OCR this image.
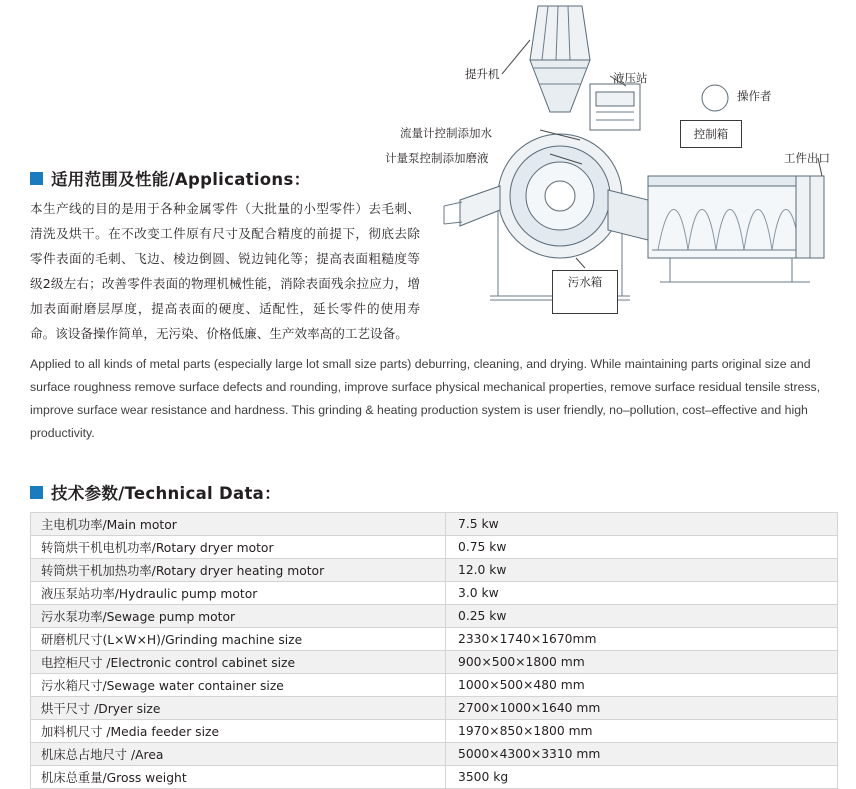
提升机	液压站
操作者
流量计控制添加水
计量泵控制添加磨液	工件出口
控制箱
污水箱
适用范围及性能/Applications：
本生产线的目的是用于各种金属零件（大批量的小型零件）去毛刺、清洗及烘干。在不改变工件原有尺寸及配合精度的前提下，彻底去除零件表面的毛刺、飞边、棱边倒圆、锐边钝化等；提高表面粗糙度等级2级左右；改善零件表面的物理机械性能，消除表面残余拉应力，增加表面耐磨层厚度，提高表面的硬度、适配性，延长零件的使用寿命。该设备操作简单，无污染、价格低廉、生产效率高的工艺设备。
Applied to all kinds of metal parts (especially large lot small size parts) deburring, cleaning, and drying. While maintaining parts original size and surface roughness remove surface defects and rounding, improve surface physical mechanical properties, remove surface residual tensile stress, improve surface wear resistance and hardness. This grinding & heating production system is user friendly, no–pollution, cost–effective and high productivity.
技术参数/Technical Data：
主电机功率/Main motor	7.5 kw
转筒烘干机电机功率/Rotary dryer motor	0.75 kw
转筒烘干机加热功率/Rotary dryer heating motor	12.0 kw
液压泵站功率/Hydraulic pump motor	3.0 kw
污水泵功率/Sewage pump motor	0.25 kw
研磨机尺寸(L×W×H)/Grinding machine size	2330×1740×1670mm
电控柜尺寸 /Electronic control cabinet size	900×500×1800 mm
污水箱尺寸/Sewage water container size	1000×500×480 mm
烘干尺寸 /Dryer size	2700×1000×1640 mm
加料机尺寸 /Media feeder size	1970×850×1800 mm
机床总占地尺寸 /Area	5000×4300×3310 mm
机床总重量/Gross weight	3500 kg
